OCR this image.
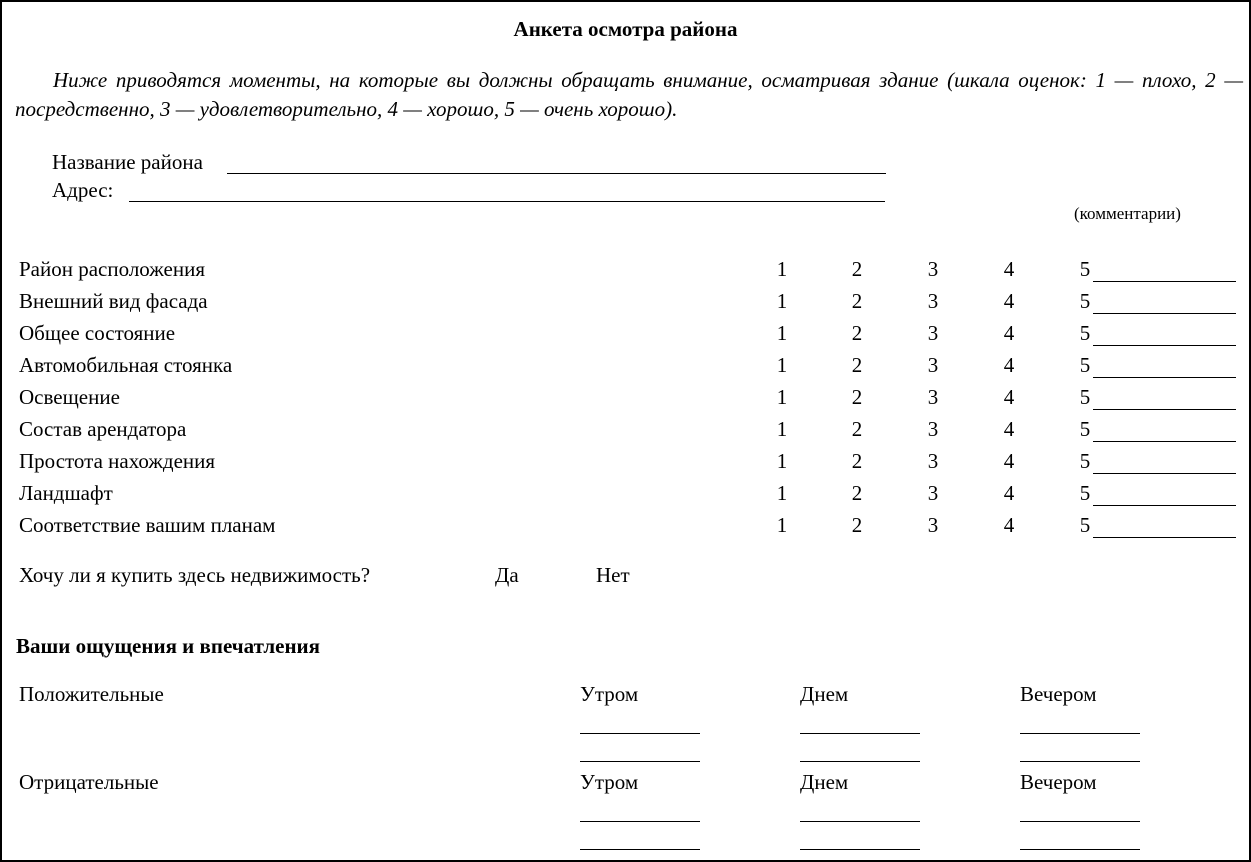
Анкета осмотра района
Ниже приводятся моменты, на которые вы должны обращать внимание, осматривая здание (шкала оценок: 1 — плохо, 2 — посредственно, 3 — удовлетворительно, 4 — хорошо, 5 — очень хорошо).
Название района
Адрес:
(комментарии)
Район расположения	1	2	3	4	5
Внешний вид фасада	1	2	3	4	5
Общее состояние	1	2	3	4	5
Автомобильная стоянка	1	2	3	4	5
Освещение	1	2	3	4	5
Состав арендатора	1	2	3	4	5
Простота нахождения	1	2	3	4	5
Ландшафт	1	2	3	4	5
Соответствие вашим планам	1	2	3	4	5
Хочу ли я купить здесь недвижимость?	Да	Нет
Ваши ощущения и впечатления
Положительные	Утром	Днем	Вечером
Отрицательные	Утром	Днем	Вечером
